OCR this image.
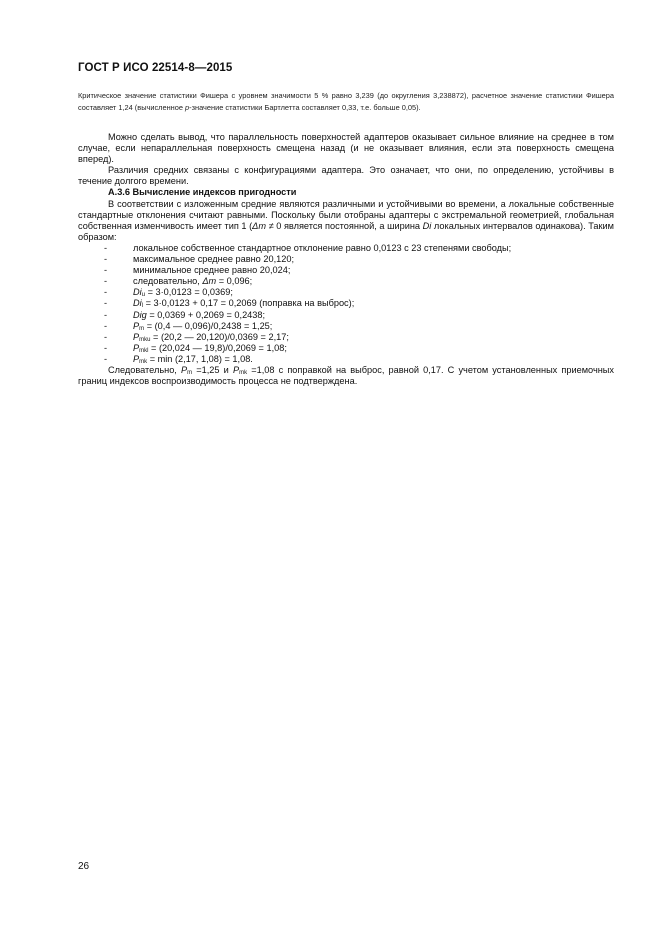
ГОСТ Р ИСО 22514-8—2015
Критическое значение статистики Фишера с уровнем значимости 5 % равно 3,239 (до округления 3,238872), расчетное значение статистики Фишера составляет 1,24 (вычисленное p-значение статистики Бартлетта составляет 0,33, т.е. больше 0,05).

Можно сделать вывод, что параллельность поверхностей адаптеров оказывает сильное влияние на среднее в том случае, если непараллельная поверхность смещена назад (и не оказывает влияния, если эта поверхность смещена вперед).

Различия средних связаны с конфигурациями адаптера. Это означает, что они, по определению, устойчивы в течение долгого времени.

А.3.6 Вычисление индексов пригодности

В соответствии с изложенным средние являются различными и устойчивыми во времени, а локальные собственные стандартные отклонения считают равными. Поскольку были отобраны адаптеры с экстремальной геометрией, глобальная собственная изменчивость имеет тип 1 (Δm ≠ 0 является постоянной, а ширина Di локальных интервалов одинакова). Таким образом:

-	локальное собственное стандартное отклонение равно 0,0123 с 23 степенями свободы;
-	максимальное среднее равно 20,120;
-	минимальное среднее равно 20,024;
-	следовательно, Δm = 0,096;
-	$Di_u = 3\cdot 0,0123 = 0,0369$;
-	$Di_l = 3\cdot 0,0123 + 0,17 = 0,2069$ (поправка на выброс);
-	Dig = 0,0369 + 0,2069 = 0,2438;
-	$P_m = (0,4$ — 0,096)/0,2438 = 1,25;
-	$P_{mku} = (20,2$ — 20,120)/0,0369 = 2,17;
-	$P_{mkl} = (20,024$ — 19,8)/0,2069 = 1,08;
-	$P_{mk} = \min (2,17$, 1,08) = 1,08.

Следовательно, $P_m =1,25$ и $P_{mk} =1,08$ с поправкой на выброс, равной 0,17. С учетом установленных приемочных границ индексов воспроизводимость процесса не подтверждена.

26
